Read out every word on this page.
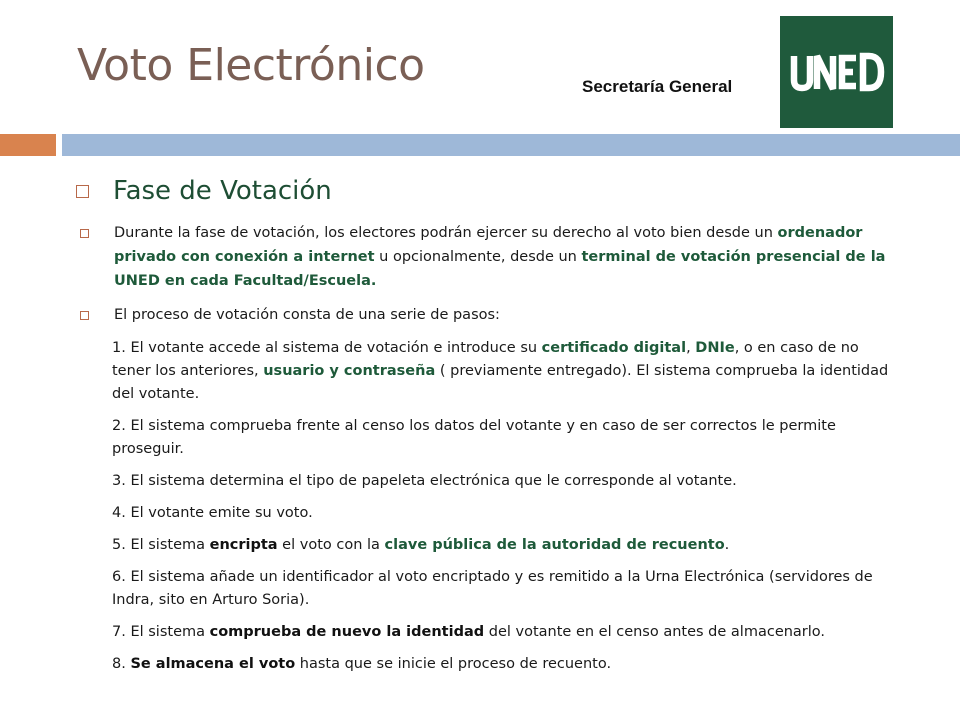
Voto Electrónico	Secretaría General
Fase de Votación
Durante la fase de votación, los electores podrán ejercer su derecho al voto bien desde un ordenador privado con conexión a internet u opcionalmente, desde un terminal de votación presencial de la UNED en cada Facultad/Escuela.
El proceso de votación consta de una serie de pasos:
1. El votante accede al sistema de votación e introduce su certificado digital, DNIe, o en caso de no tener los anteriores, usuario y contraseña ( previamente entregado). El sistema comprueba la identidad del votante.
2. El sistema comprueba frente al censo los datos del votante y en caso de ser correctos le permite proseguir.
3. El sistema determina el tipo de papeleta electrónica que le corresponde al votante.
4. El votante emite su voto.
5. El sistema encripta el voto con la clave pública de la autoridad de recuento.
6. El sistema añade un identificador al voto encriptado y es remitido a la Urna Electrónica (servidores de Indra, sito en Arturo Soria).
7. El sistema comprueba de nuevo la identidad del votante en el censo antes de almacenarlo.
8. Se almacena el voto hasta que se inicie el proceso de recuento.
